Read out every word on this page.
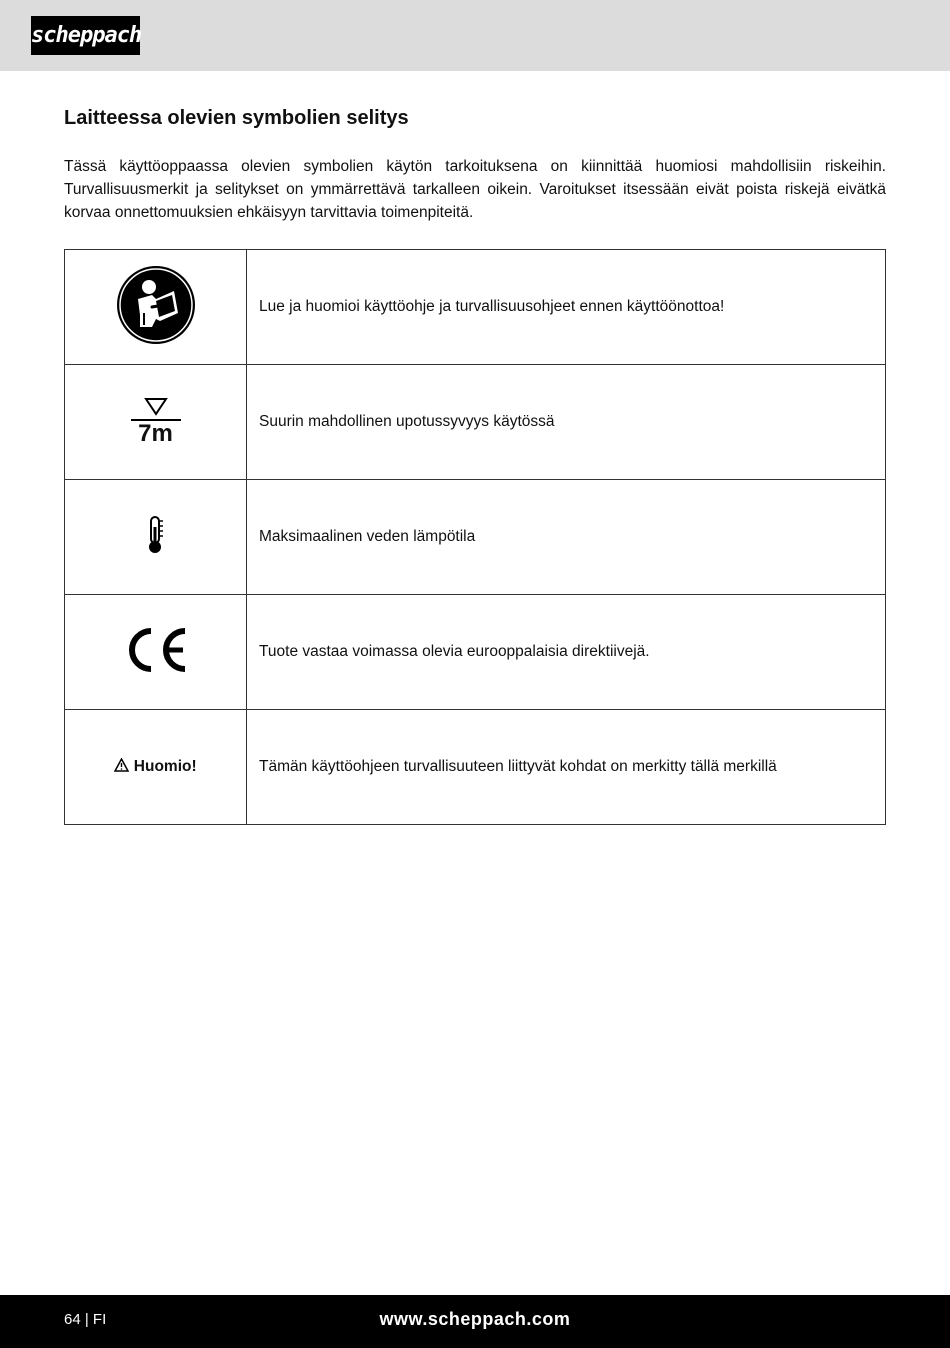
scheppach
Laitteessa olevien symbolien selitys

Tässä käyttöoppaassa olevien symbolien käytön tarkoituksena on kiinnittää huomiosi mahdollisiin riskeihin. Turvallisuusmerkit ja selitykset on ymmärrettävä tarkalleen oikein. Varoitukset itsessään eivät poista riskejä eivätkä korvaa onnettomuuksien ehkäisyyn tarvittavia toimenpiteitä.

	Lue ja huomioi käyttöohje ja turvallisuusohjeet ennen käyttöönottoa!

7m	Suurin mahdollinen upotussyvyys käytössä
	Maksimaalinen veden lämpötila
	Tuote vastaa voimassa olevia eurooppalaisia direktiivejä.
Huomio!	Tämän käyttöohjeen turvallisuuteen liittyvät kohdat on merkitty tällä merkillä
64 | FI	www.scheppach.com
